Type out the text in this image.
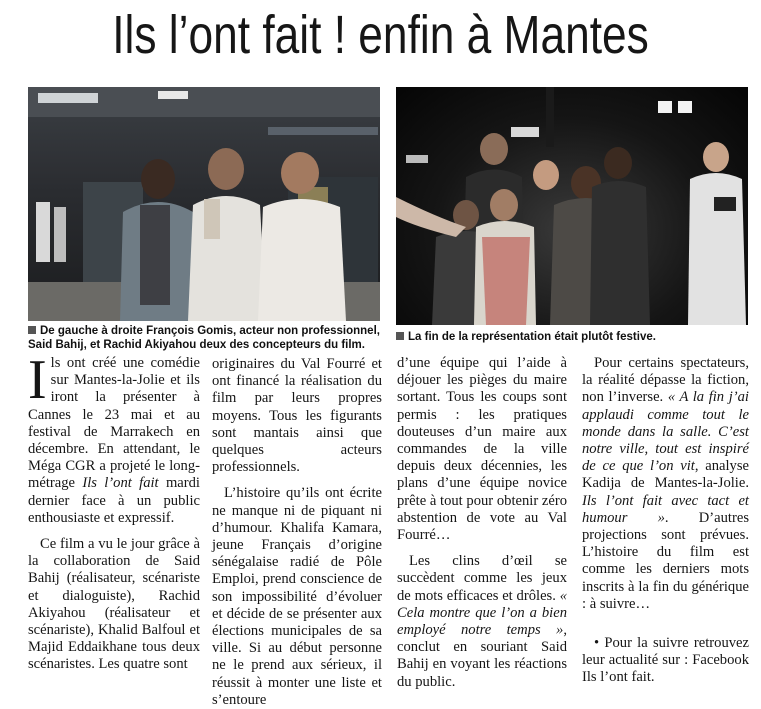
Ils l’ont fait ! enfin à Mantes
De gauche à droite François Gomis, acteur non professionnel, Said Bahij, et Rachid Akiyahou deux des concepteurs du film.
La fin de la représentation était plutôt festive.

Ils ont créé une comédie sur Mantes-la-Jolie et ils iront la présenter à Cannes le 23 mai et au festival de Marrakech en décembre. En attendant, le Méga CGR a projeté le long-métrage Ils l’ont fait mardi dernier face à un public enthousiaste et expressif.

Ce film a vu le jour grâce à la collaboration de Said Bahij (réalisateur, scénariste et dialoguiste), Rachid Akiyahou (réalisateur et scénariste), Khalid Balfoul et Majid Eddaikhane tous deux scénaristes. Les quatre sont

originaires du Val Fourré et ont financé la réalisation du film par leurs propres moyens. Tous les figurants sont mantais ainsi que quelques acteurs professionnels.

L’histoire qu’ils ont écrite ne manque ni de piquant ni d’humour. Khalifa Kamara, jeune Français d’origine sénégalaise radié de Pôle Emploi, prend conscience de son impossibilité d’évoluer et décide de se présenter aux élections municipales de sa ville. Si au début personne ne le prend aux sérieux, il réussit à monter une liste et s’entoure

d’une équipe qui l’aide à déjouer les pièges du maire sortant. Tous les coups sont permis : les pratiques douteuses d’un maire aux commandes de la ville depuis deux décennies, les plans d’une équipe novice prête à tout pour obtenir zéro abstention de vote au Val Fourré…

Les clins d’œil se succèdent comme les jeux de mots efficaces et drôles. « Cela montre que l’on a bien employé notre temps », conclut en souriant Said Bahij en voyant les réactions du public.

Pour certains spectateurs, la réalité dépasse la fiction, non l’inverse. « A la fin j’ai applaudi comme tout le monde dans la salle. C’est notre ville, tout est inspiré de ce que l’on vit, analyse Kadija de Mantes-la-Jolie. Ils l’ont fait avec tact et humour ». D’autres projections sont prévues. L’histoire du film est comme les derniers mots inscrits à la fin du générique : à suivre…

• Pour la suivre retrouvez leur actualité sur : Facebook Ils l’ont fait.
